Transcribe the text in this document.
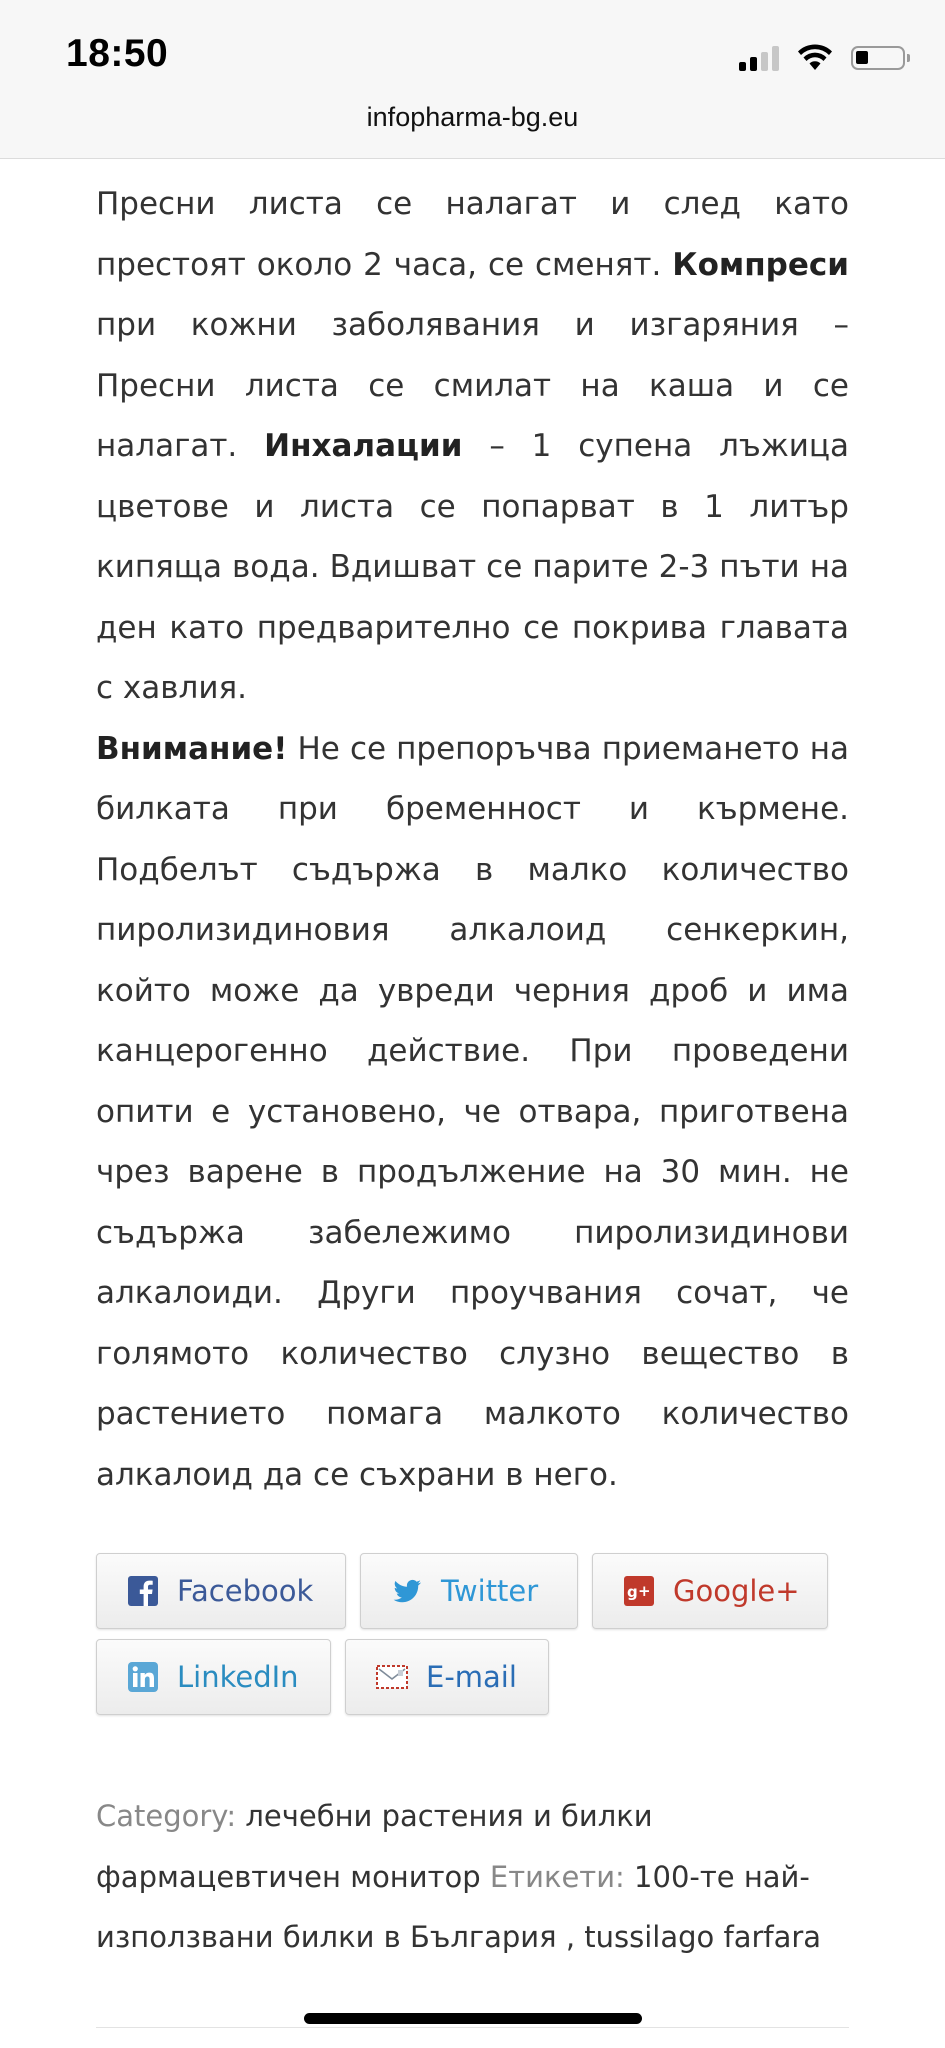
18:50
infopharma-bg.eu

Пресни листа се налагат и след като престоят около 2 часа, се сменят. Компреси при кожни заболявания и изгаряния – Пресни листа се смилат на каша и се налагат. Инхалации – 1 супена лъжица цветове и листа се попарват в 1 литър кипяща вода. Вдишват се парите 2-3 пъти на ден като предварително се покрива главата с хавлия.

Внимание! Не се препоръчва приемането на билката при бременност и кърмене. Подбелът съдържа в малко количество пиролизидиновия алкалоид сенкеркин, който може да увреди черния дроб и има канцерогенно действие. При проведени опити е установено, че отвара, приготвена чрез варене в продължение на 30 мин. не съдържа забележимо пиролизидинови алкалоиди. Други проучвания сочат, че голямото количество слузно вещество в растението помага малкото количество алкалоид да се съхрани в него.

Facebook	Twitter	g + Google+
LinkedIn	E-mail
Category: лечебни растения и билки
фармацевтичен монитор Етикети: 100-те най-използвани билки в България , tussilago farfara
